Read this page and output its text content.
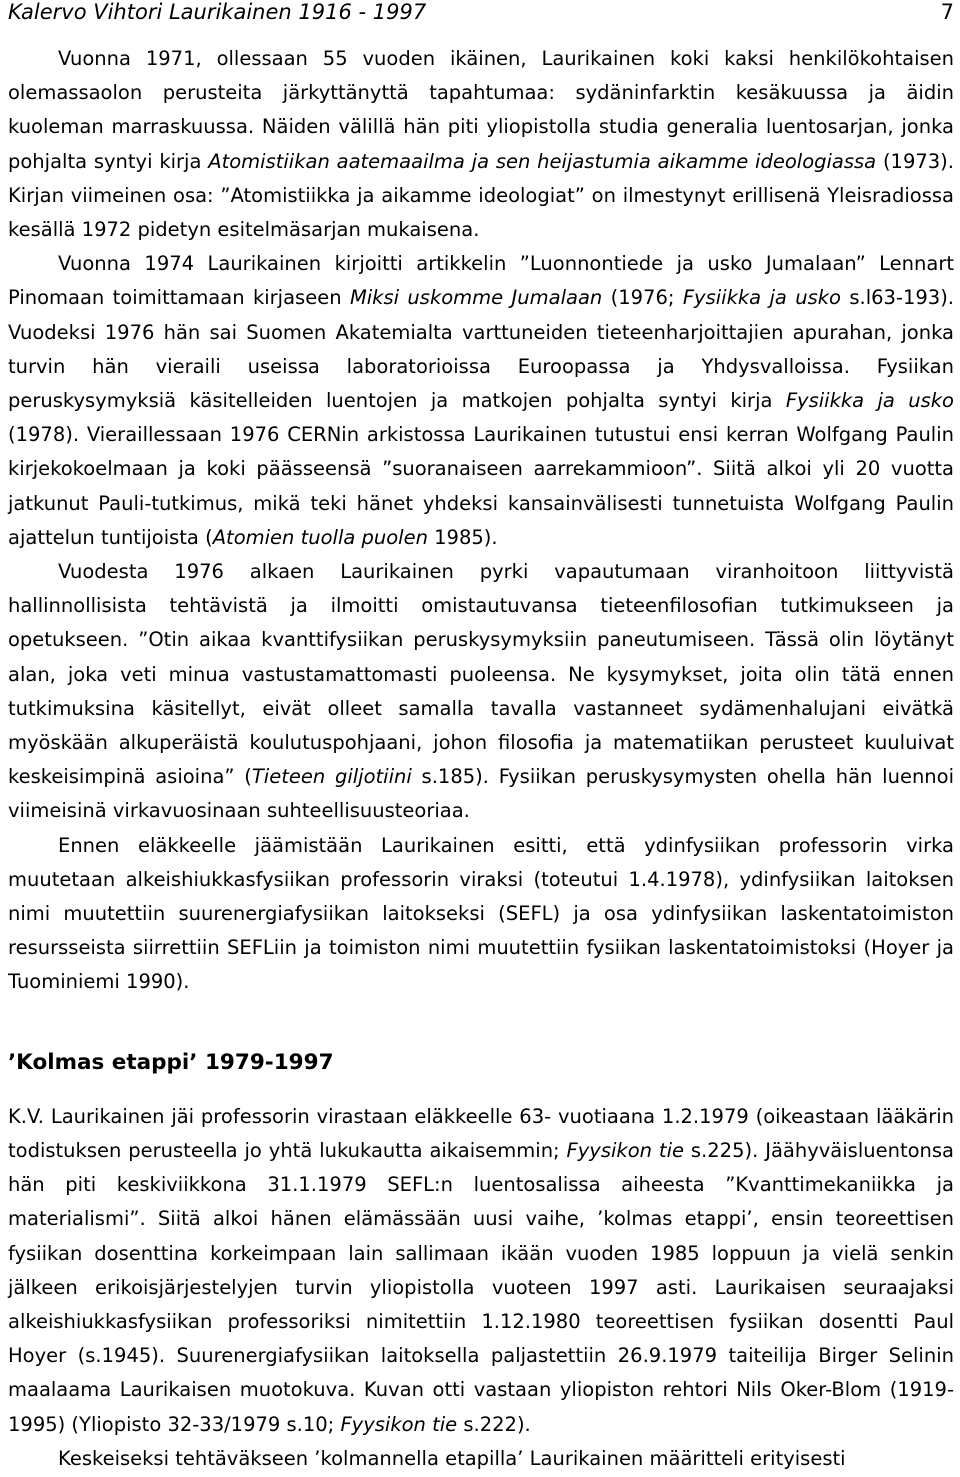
Kalervo Vihtori Laurikainen 1916 - 1997	7

Vuonna 1971, ollessaan 55 vuoden ikäinen, Laurikainen koki kaksi henkilökohtaisen olemassaolon perusteita järkyttänyttä tapahtumaa: sydäninfarktin kesäkuussa ja äidin kuoleman marraskuussa. Näiden välillä hän piti yliopistolla studia generalia luentosarjan, jonka pohjalta syntyi kirja Atomistiikan aatemaailma ja sen heijastumia aikamme ideologiassa (1973). Kirjan viimeinen osa: ”Atomistiikka ja aikamme ideologiat” on ilmestynyt erillisenä Yleisradiossa kesällä 1972 pidetyn esitelmäsarjan mukaisena.

Vuonna 1974 Laurikainen kirjoitti artikkelin ”Luonnontiede ja usko Jumalaan” Lennart Pinomaan toimittamaan kirjaseen Miksi uskomme Jumalaan (1976; Fysiikka ja usko s.l63-193). Vuodeksi 1976 hän sai Suomen Akatemialta varttuneiden tieteenharjoittajien apurahan, jonka turvin hän vieraili useissa laboratorioissa Euroopassa ja Yhdysvalloissa. Fysiikan peruskysymyksiä käsitelleiden luentojen ja matkojen pohjalta syntyi kirja Fysiikka ja usko (1978). Vieraillessaan 1976 CERNin arkistossa Laurikainen tutustui ensi kerran Wolfgang Paulin kirjekokoelmaan ja koki päässeensä ”suoranaiseen aarrekammioon”. Siitä alkoi yli 20 vuotta jatkunut Pauli-tutkimus, mikä teki hänet yhdeksi kansainvälisesti tunnetuista Wolfgang Paulin ajattelun tuntijoista (Atomien tuolla puolen 1985).

Vuodesta 1976 alkaen Laurikainen pyrki vapautumaan viranhoitoon liittyvistä hallinnollisista tehtävistä ja ilmoitti omistautuvansa tieteenfilosofian tutkimukseen ja opetukseen. ”Otin aikaa kvanttifysiikan peruskysymyksiin paneutumiseen. Tässä olin löytänyt alan, joka veti minua vastustamattomasti puoleensa. Ne kysymykset, joita olin tätä ennen tutkimuksina käsitellyt, eivät olleet samalla tavalla vastanneet sydämenhalujani eivätkä myöskään alkuperäistä koulutuspohjaani, johon filosofia ja matematiikan perusteet kuuluivat keskeisimpinä asioina” (Tieteen giljotiini s.185). Fysiikan peruskysymysten ohella hän luennoi viimeisinä virkavuosinaan suhteellisuusteoriaa.

Ennen eläkkeelle jäämistään Laurikainen esitti, että ydinfysiikan professorin virka muutetaan alkeishiukkasfysiikan professorin viraksi (toteutui 1.4.1978), ydinfysiikan laitoksen nimi muutettiin suurenergiafysiikan laitokseksi (SEFL) ja osa ydinfysiikan laskentatoimiston resursseista siirrettiin SEFLiin ja toimiston nimi muutettiin fysiikan laskentatoimistoksi (Hoyer ja Tuominiemi 1990).

’Kolmas etappi’ 1979-1997

K.V. Laurikainen jäi professorin virastaan eläkkeelle 63- vuotiaana 1.2.1979 (oikeastaan lääkärin todistuksen perusteella jo yhtä lukukautta aikaisemmin; Fyysikon tie s.225). Jäähyväisluentonsa hän piti keskiviikkona 31.1.1979 SEFL:n luentosalissa aiheesta ”Kvanttimekaniikka ja materialismi”. Siitä alkoi hänen elämässään uusi vaihe, ’kolmas etappi’, ensin teoreettisen fysiikan dosenttina korkeimpaan lain sallimaan ikään vuoden 1985 loppuun ja vielä senkin jälkeen erikoisjärjestelyjen turvin yliopistolla vuoteen 1997 asti. Laurikaisen seuraajaksi alkeishiukkasfysiikan professoriksi nimitettiin 1.12.1980 teoreettisen fysiikan dosentti Paul Hoyer (s.1945). Suurenergiafysiikan laitoksella paljastettiin 26.9.1979 taiteilija Birger Selinin maalaama Laurikaisen muotokuva. Kuvan otti vastaan yliopiston rehtori Nils Oker-Blom (1919-1995) (Yliopisto 32-33/1979 s.10; Fyysikon tie s.222).

Keskeiseksi tehtäväkseen ’kolmannella etapilla’ Laurikainen määritteli erityisesti
